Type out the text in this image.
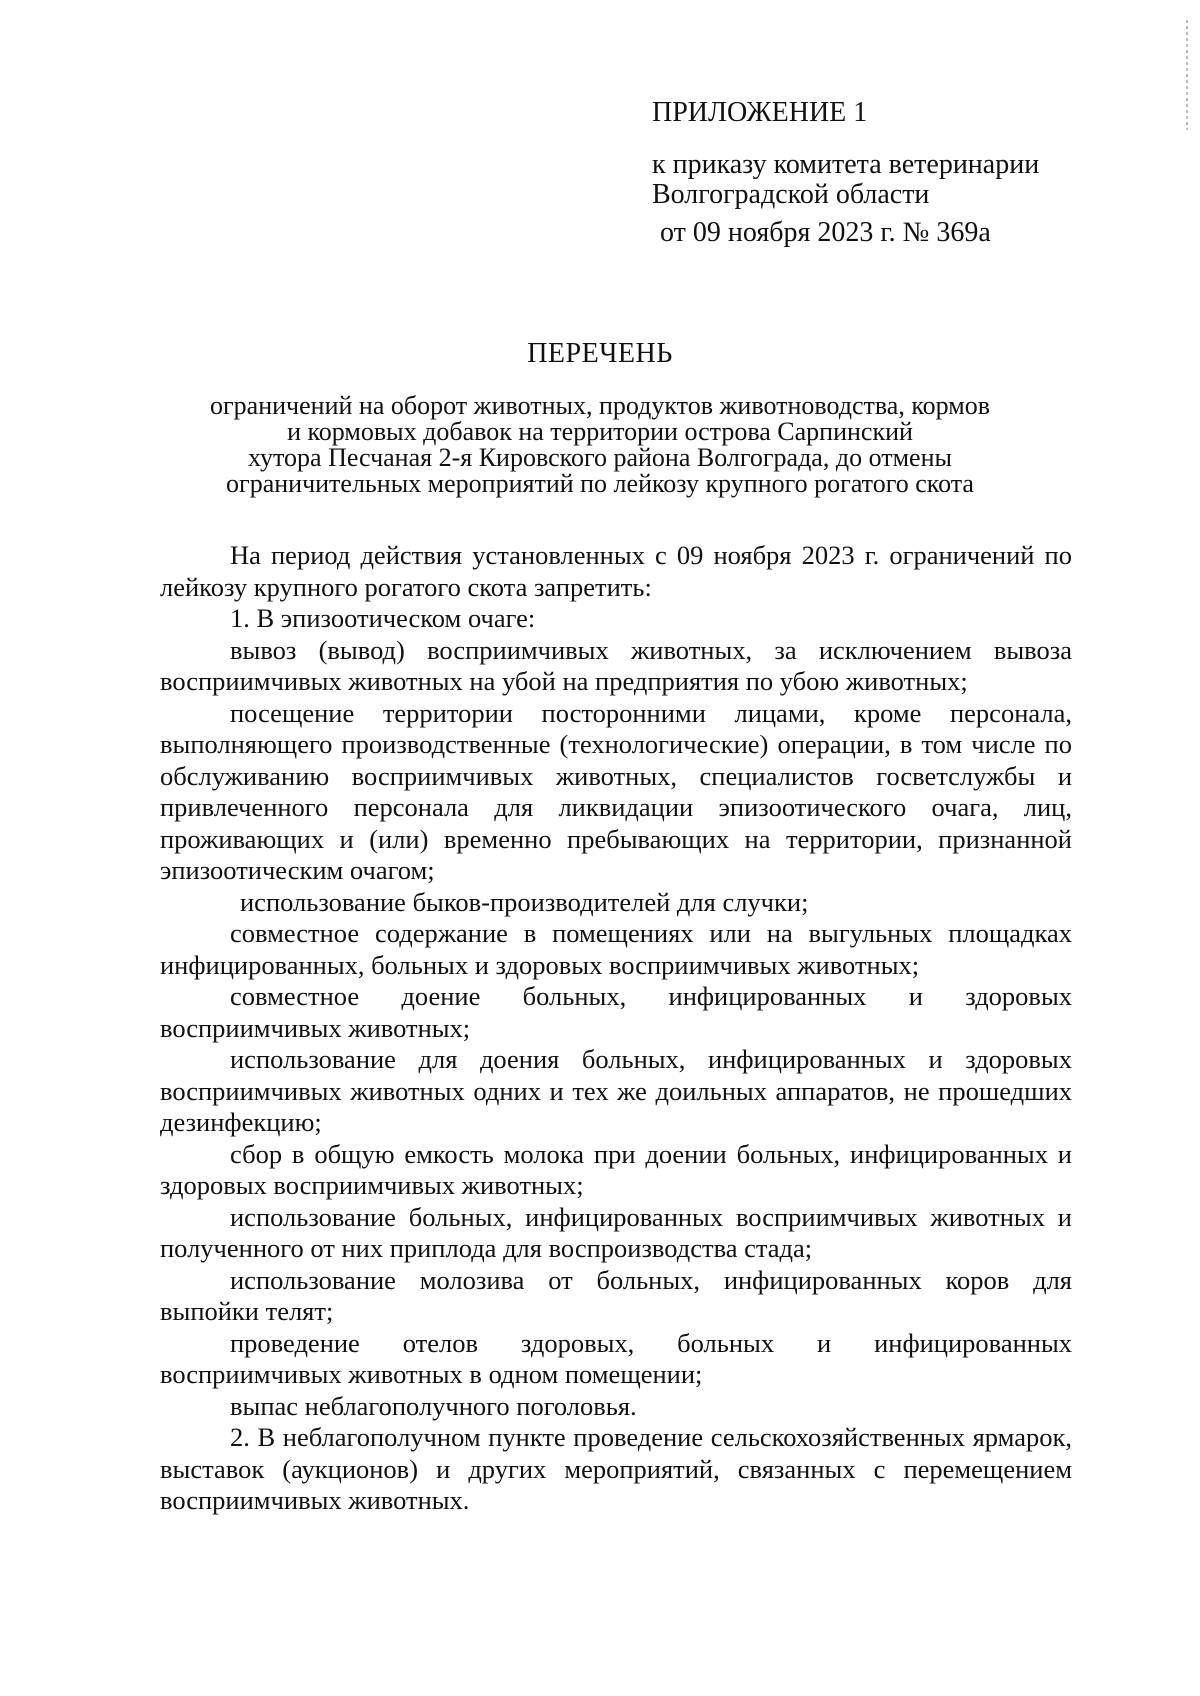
ПРИЛОЖЕНИЕ 1
к приказу комитета ветеринарии
Волгоградской области
от 09 ноября 2023 г. № 369а
ПЕРЕЧЕНЬ
ограничений на оборот животных, продуктов животноводства, кормов
и кормовых добавок на территории острова Сарпинский
хутора Песчаная 2-я Кировского района Волгограда, до отмены
ограничительных мероприятий по лейкозу крупного рогатого скота

На период действия установленных с 09 ноября 2023 г. ограничений по лейкозу крупного рогатого скота запретить:

1. В эпизоотическом очаге:

вывоз (вывод) восприимчивых животных, за исключением вывоза восприимчивых животных на убой на предприятия по убою животных;

посещение территории посторонними лицами, кроме персонала, выполняющего производственные (технологические) операции, в том числе по обслуживанию восприимчивых животных, специалистов госветслужбы и привлеченного персонала для ликвидации эпизоотического очага, лиц, проживающих и (или) временно пребывающих на территории, признанной эпизоотическим очагом;

использование быков-производителей для случки;

совместное содержание в помещениях или на выгульных площадках инфицированных, больных и здоровых восприимчивых животных;

совместное доение больных, инфицированных и здоровых восприимчивых животных;

использование для доения больных, инфицированных и здоровых восприимчивых животных одних и тех же доильных аппаратов, не прошедших дезинфекцию;

сбор в общую емкость молока при доении больных, инфицированных и здоровых восприимчивых животных;

использование больных, инфицированных восприимчивых животных и полученного от них приплода для воспроизводства стада;

использование молозива от больных, инфицированных коров для выпойки телят;

проведение отелов здоровых, больных и инфицированных восприимчивых животных в одном помещении;

выпас неблагополучного поголовья.

2. В неблагополучном пункте проведение сельскохозяйственных ярмарок, выставок (аукционов) и других мероприятий, связанных с перемещением восприимчивых животных.
